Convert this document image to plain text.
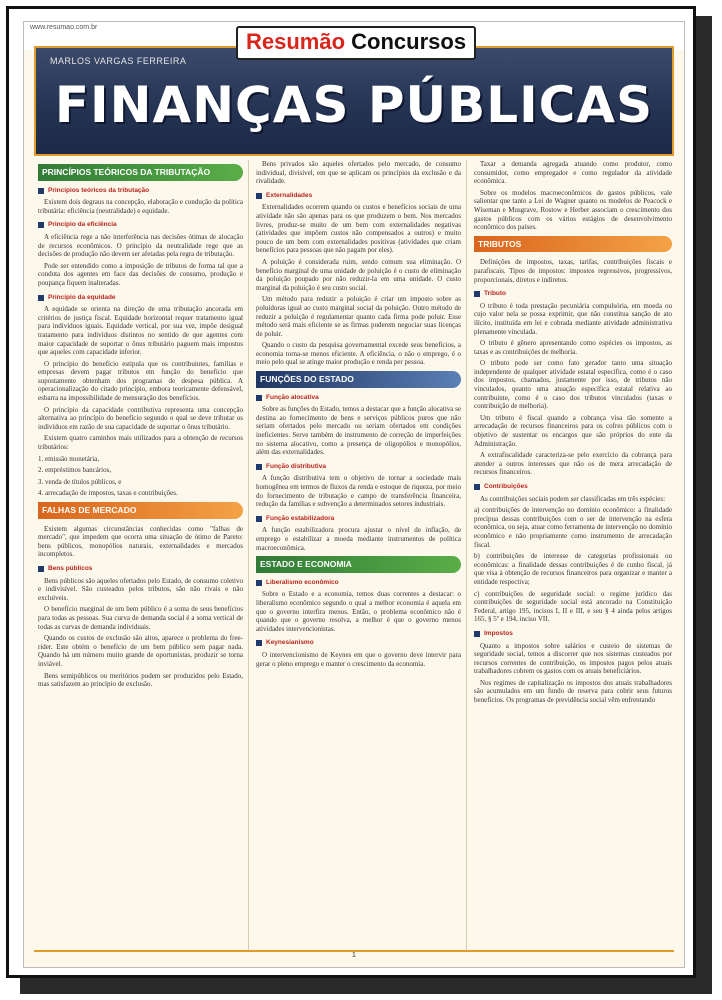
www.resumao.com.br
Resumão Concursos
MARLOS VARGAS FERREIRA
FINANÇAS PÚBLICAS
PRINCÍPIOS TEÓRICOS DA TRIBUTAÇÃO
Princípios teóricos da tributação

Existem dois degraus na concepção, elaboração e condução da política tributária: eficiência (neutralidade) e equidade.

Princípio da eficiência

A eficiência rege a não interferência nas decisões ótimas de alocação de recursos econômicos. O princípio da neutralidade rege que as decisões de produção não devem ser afetadas pela regra de tributação.

Pode ser entendido como a imposição de tributos de forma tal que a conduta dos agentes em face das decisões de consumo, produção e poupança fiquem inalteradas.

Princípio da equidade

A equidade se orienta na direção de uma tributação ancorada em critérios de justiça fiscal. Equidade horizontal requer tratamento igual para indivíduos iguais. Equidade vertical, por sua vez, impõe desigual tratamento para indivíduos distintos no sentido de que agentes com maior capacidade de suportar o ônus tributário paguem mais impostos que aqueles com capacidade inferior.

O princípio do benefício estipula que os contribuintes, famílias e empresas devem pagar tributos em função do benefício que supostamente obtenham dos programas de despesa pública. A operacionalização do citado princípio, embora teoricamente defensável, esbarra na impossibilidade de mensuração dos benefícios.

O princípio da capacidade contributiva representa uma concepção alternativa ao princípio do benefício segundo o qual se deve tributar os indivíduos em razão de sua capacidade de suportar o ônus tributário.

Existem quatro caminhos mais utilizados para a obtenção de recursos tributários:

1. emissão monetária,

2. empréstimos bancários,

3. venda de títulos públicos, e

4. arrecadação de impostos, taxas e contribuições.

FALHAS DE MERCADO

Existem algumas circunstâncias conhecidas como "falhas de mercado", que impedem que ocorra uma situação de ótimo de Pareto: bens públicos, monopólios naturais, externalidades e mercados incompletos.

Bens públicos

Bens públicos são aqueles ofertados pelo Estado, de consumo coletivo e indivisível. São custeados pelos tributos, são não rivais e não excluíveis.

O benefício marginal de um bem público é a soma de seus benefícios para todas as pessoas. Sua curva de demanda social é a soma vertical de todas as curvas de demanda individuais.

Quando os custos de exclusão são altos, aparece o problema do free-rider. Este obtém o benefício de um bem público sem pagar nada. Quando há um número muito grande de oportunistas, produzir se torna inviável.

Bens semipúblicos ou meritórios podem ser produzidos pelo Estado, mas satisfazem ao princípio de exclusão.

Bens privados são aqueles ofertados pelo mercado, de consumo individual, divisível, em que se aplicam os princípios da exclusão e da rivalidade.

Externalidades

Externalidades ocorrem quando os custos e benefícios sociais de uma atividade não são apenas para os que produzem o bem. Nos mercados livres, produz-se muito de um bem com externalidades negativas (atividades que impõem custos não compensados a outros) e muito pouco de um bem com externalidades positivas (atividades que criam benefícios para pessoas que não pagam por eles).

A poluição é considerada ruim, sendo comum sua eliminação. O benefício marginal de uma unidade de poluição é o custo de eliminação da poluição poupado por não reduzir-la em uma unidade. O custo marginal da poluição é seu custo social.

Um método para reduzir a poluição é criar um imposto sobre as poluidoras igual ao custo marginal social da poluição. Outro método de reduzir a poluição é regulamentar quanto cada firma pode poluir. Esse método será mais eficiente se as firmas puderem negociar suas licenças de poluir.

Quando o custo da pesquisa governamental excede seus benefícios, a economia torna-se menos eficiente. A eficiência, o não o emprego, é o meio pelo qual se atinge maior produção e renda per pessoa.

FUNÇÕES DO ESTADO
Função alocativa

Sobre as funções do Estado, temos a destacar que a função alocativa se destina ao fornecimento de bens e serviços públicos puros que não seriam ofertados pelo mercado ou seriam ofertados em condições ineficientes. Serve também de instrumento de correção de imperfeições no sistema alocativo, como a presença de oligopólios e monopólios, além das externalidades.

Função distributiva

A função distributiva tem o objetivo de tornar a sociedade mais homogênea em termos de fluxos da renda e estoque de riqueza, por meio do fornecimento de tributação e campo de transferência financeira, redução da famílias e subvenção a determinados setores industriais.

Função estabilizadora

A função estabilizadora procura ajustar o nível de inflação, de emprego e estabilizar a moeda mediante instrumentos de política macroeconômica.

ESTADO E ECONOMIA
Liberalismo econômico

Sobre o Estado e a economia, temos duas correntes a destacar: o liberalismo econômico segundo o qual a melhor economia é aquela em que o governo interfira menos. Então, o problema econômico não é quando que o governo resolva, a melhor é que o governo menos atividades intervencionistas.

Keynesianismo

O intervencionismo de Keynes em que o governo deve intervir para gerar o pleno emprego e manter o crescimento da economia.

Taxar a demanda agregada atuando como produtor, como consumidor, como empregador e como regulador da atividade econômica.

Sobre os modelos macroeconômicos de gastos públicos, vale salientar que tanto a Lei de Wagner quanto os modelos de Peacock e Wiseman e Musgrave, Rostow e Herber associam o crescimento dos gastos públicos com os vários estágios de desenvolvimento econômico dos países.

TRIBUTOS

Definições de impostos, taxas, tarifas, contribuições fiscais e parafiscais. Tipos de impostos: impostos regressivos, progressivos, proporcionais, diretos e indiretos.

Tributo

O tributo é toda prestação pecuniária compulsória, em moeda ou cujo valor nela se possa exprimir, que não constitua sanção de ato ilícito, instituída em lei e cobrada mediante atividade administrativa plenamente vinculada.

O tributo é gênero apresentando como espécies os impostos, as taxas e as contribuições de melhoria.

O tributo pode ser como fato gerador tanto uma situação independente de qualquer atividade estatal específica, como é o caso dos impostos, chamados, justamente por isso, de tributos não vinculados, quanto uma atuação específica estatal relativa ao contribuinte, como é o caso dos tributos vinculados (taxas e contribuição de melhoria).

Um tributo é fiscal quando a cobrança visa tão somente a arrecadação de recursos financeiros para os cofres públicos com o objetivo de sustentar os encargos que são próprios do ente da Administração.

A extrafiscalidade caracteriza-se pelo exercício da cobrança para atender a outros interesses que não os de mera arrecadação de recursos financeiros.

Contribuições

As contribuições sociais podem ser classificadas em três espécies:

a) contribuições de intervenção no domínio econômico: a finalidade precípua dessas contribuições com o ser de intervenção na esfera econômica, ou seja, atuar como ferramenta de intervenção no domínio econômico e não propriamente como instrumento de arrecadação fiscal.

b) contribuições de interesse de categorias profissionais ou econômicas: a finalidade dessas contribuições é de cunho fiscal, já que visa à obtenção de recursos financeiros para organizar e manter a entidade respectiva;

c) contribuições de seguridade social: o regime jurídico das contribuições de seguridade social está ancorado na Constituição Federal, artigo 195, incisos I, II e III, e seu § 4 ainda pelos artigos 165, § 5º e 194, inciso VII.

Impostos

Quanto a impostos sobre salários e custeio de sistemas de seguridade social, temos a discorrer que nos sistemas custeados por recursos correntes de contribuição, os impostos pagos pelos atuais trabalhadores cobrem os gastos com os atuais beneficiários.

Nos regimes de capitalização os impostos dos atuais trabalhadores são acumulados em um fundo de reserva para cobrir seus futuros benefícios. Os programas de previdência social vêm enfrentando

1
